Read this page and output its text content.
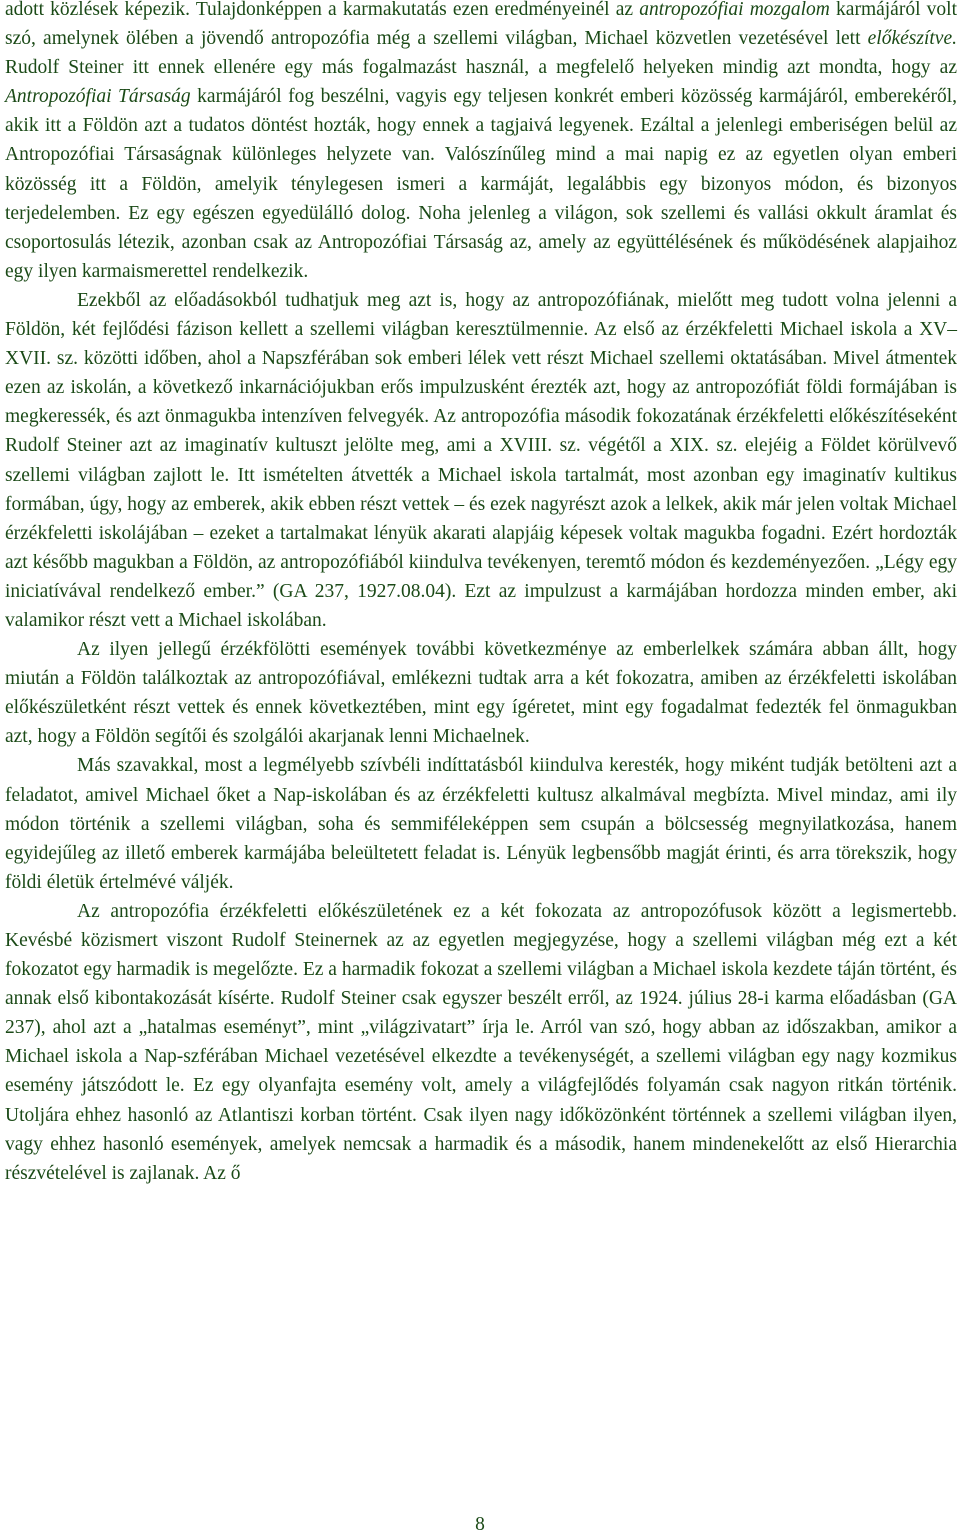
adott közlések képezik. Tulajdonképpen a karmakutatás ezen eredményeinél az antropozófiai mozgalom karmájáról volt szó, amelynek ölében a jövendő antropozófia még a szellemi világban, Michael közvetlen vezetésével lett előkészítve. Rudolf Steiner itt ennek ellenére egy más fogalmazást használ, a megfelelő helyeken mindig azt mondta, hogy az Antropozófiai Társaság karmájáról fog beszélni, vagyis egy teljesen konkrét emberi közösség karmájáról, emberekéről, akik itt a Földön azt a tudatos döntést hozták, hogy ennek a tagjaivá legyenek. Ezáltal a jelenlegi emberiségen belül az Antropozófiai Társaságnak különleges helyzete van. Valószínűleg mind a mai napig ez az egyetlen olyan emberi közösség itt a Földön, amelyik ténylegesen ismeri a karmáját, legalábbis egy bizonyos módon, és bizonyos terjedelemben. Ez egy egészen egyedülálló dolog. Noha jelenleg a világon, sok szellemi és vallási okkult áramlat és csoportosulás létezik, azonban csak az Antropozófiai Társaság az, amely az együttélésének és működésének alapjaihoz egy ilyen karmaismerettel rendelkezik.

Ezekből az előadásokból tudhatjuk meg azt is, hogy az antropozófiának, mielőtt meg tudott volna jelenni a Földön, két fejlődési fázison kellett a szellemi világban keresztülmennie. Az első az érzékfeletti Michael iskola a XV–XVII. sz. közötti időben, ahol a Napszférában sok emberi lélek vett részt Michael szellemi oktatásában. Mivel átmentek ezen az iskolán, a következő inkarnációjukban erős impulzusként érezték azt, hogy az antropozófiát földi formájában is megkeressék, és azt önmagukba intenzíven felvegyék. Az antropozófia második fokozatának érzékfeletti előkészítéseként Rudolf Steiner azt az imaginatív kultuszt jelölte meg, ami a XVIII. sz. végétől a XIX. sz. elejéig a Földet körülvevő szellemi világban zajlott le. Itt ismételten átvették a Michael iskola tartalmát, most azonban egy imaginatív kultikus formában, úgy, hogy az emberek, akik ebben részt vettek – és ezek nagyrészt azok a lelkek, akik már jelen voltak Michael érzékfeletti iskolájában – ezeket a tartalmakat lényük akarati alapjáig képesek voltak magukba fogadni. Ezért hordozták azt később magukban a Földön, az antropozófiából kiindulva tevékenyen, teremtő módon és kezdeményezően. „Légy egy iniciatívával rendelkező ember.” (GA 237, 1927.08.04). Ezt az impulzust a karmájában hordozza minden ember, aki valamikor részt vett a Michael iskolában.

Az ilyen jellegű érzékfölötti események további következménye az emberlelkek számára abban állt, hogy miután a Földön találkoztak az antropozófiával, emlékezni tudtak arra a két fokozatra, amiben az érzékfeletti iskolában előkészületként részt vettek és ennek következtében, mint egy ígéretet, mint egy fogadalmat fedezték fel önmagukban azt, hogy a Földön segítői és szolgálói akarjanak lenni Michaelnek.

Más szavakkal, most a legmélyebb szívbéli indíttatásból kiindulva keresték, hogy miként tudják betölteni azt a feladatot, amivel Michael őket a Nap-iskolában és az érzékfeletti kultusz alkalmával megbízta. Mivel mindaz, ami ily módon történik a szellemi világban, soha és semmiféleképpen sem csupán a bölcsesség megnyilatkozása, hanem egyidejűleg az illető emberek karmájába beleültetett feladat is. Lényük legbensőbb magját érinti, és arra törekszik, hogy földi életük értelmévé váljék.

Az antropozófia érzékfeletti előkészületének ez a két fokozata az antropozófusok között a legismertebb. Kevésbé közismert viszont Rudolf Steinernek az az egyetlen megjegyzése, hogy a szellemi világban még ezt a két fokozatot egy harmadik is megelőzte. Ez a harmadik fokozat a szellemi világban a Michael iskola kezdete táján történt, és annak első kibontakozását kísérte. Rudolf Steiner csak egyszer beszélt erről, az 1924. július 28-i karma előadásban (GA 237), ahol azt a „hatalmas eseményt”, mint „világzivatart” írja le. Arról van szó, hogy abban az időszakban, amikor a Michael iskola a Nap-szférában Michael vezetésével elkezdte a tevékenységét, a szellemi világban egy nagy kozmikus esemény játszódott le. Ez egy olyanfajta esemény volt, amely a világfejlődés folyamán csak nagyon ritkán történik. Utoljára ehhez hasonló az Atlantiszi korban történt. Csak ilyen nagy időközönként történnek a szellemi világban ilyen, vagy ehhez hasonló események, amelyek nemcsak a harmadik és a második, hanem mindenekelőtt az első Hierarchia részvételével is zajlanak. Az ő

8
